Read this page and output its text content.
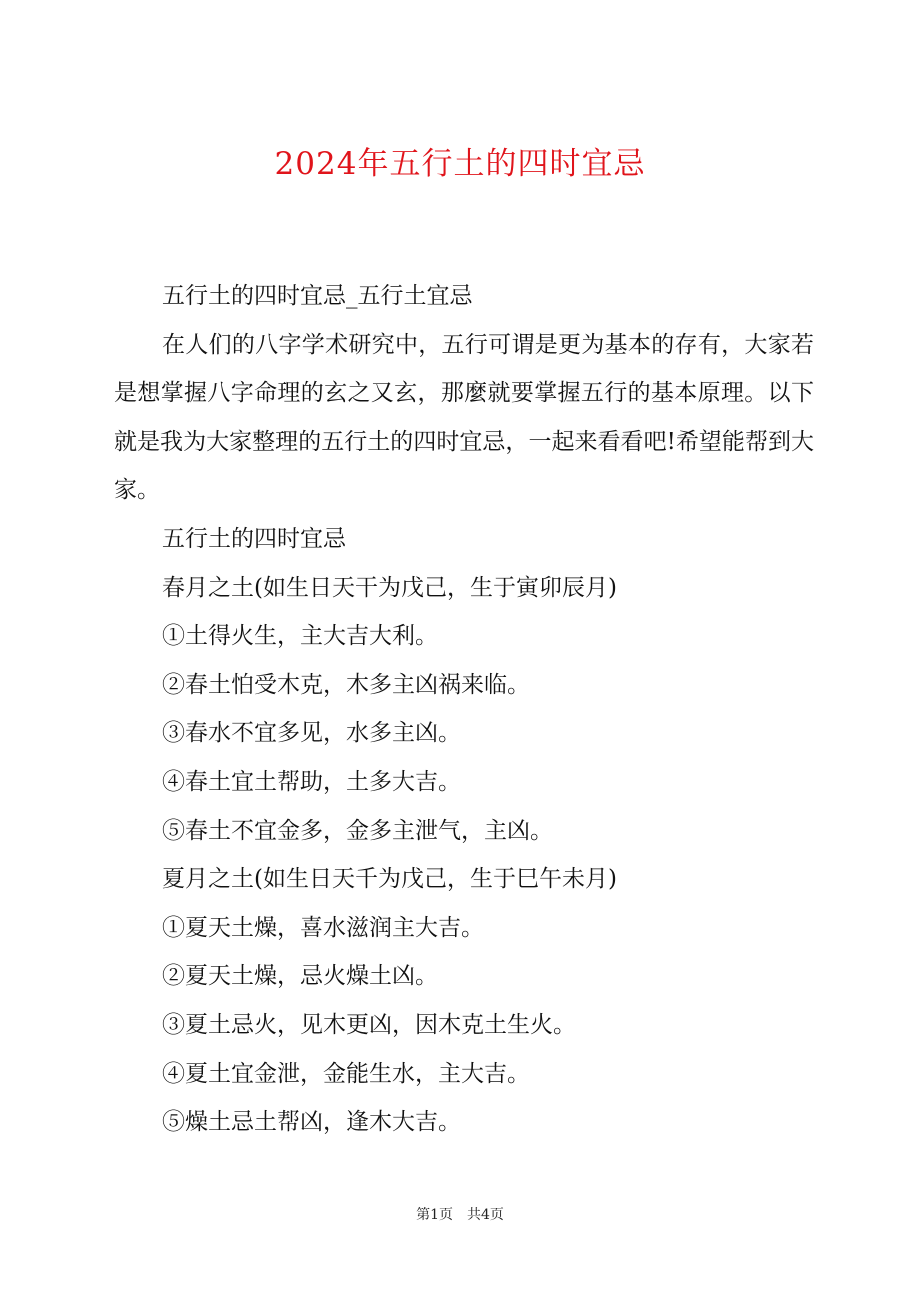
2024年五行土的四时宜忌

五行土的四时宜忌_五行土宜忌

在人们的八字学术研究中，五行可谓是更为基本的存有，大家若是想掌握八字命理的玄之又玄，那麼就要掌握五行的基本原理。以下就是我为大家整理的五行土的四时宜忌，一起来看看吧!希望能帮到大家。

五行土的四时宜忌

春月之土(如生日天干为戊己，生于寅卯辰月)

①土得火生，主大吉大利。

②春土怕受木克，木多主凶祸来临。

③春水不宜多见，水多主凶。

④春土宜土帮助，土多大吉。

⑤春土不宜金多，金多主泄气，主凶。

夏月之土(如生日天千为戊己，生于巳午未月)

①夏天土燥，喜水滋润主大吉。

②夏天土燥，忌火燥土凶。

③夏土忌火，见木更凶，因木克土生火。

④夏土宜金泄，金能生水，主大吉。

⑤燥土忌土帮凶，逢木大吉。

第1页 共4页
